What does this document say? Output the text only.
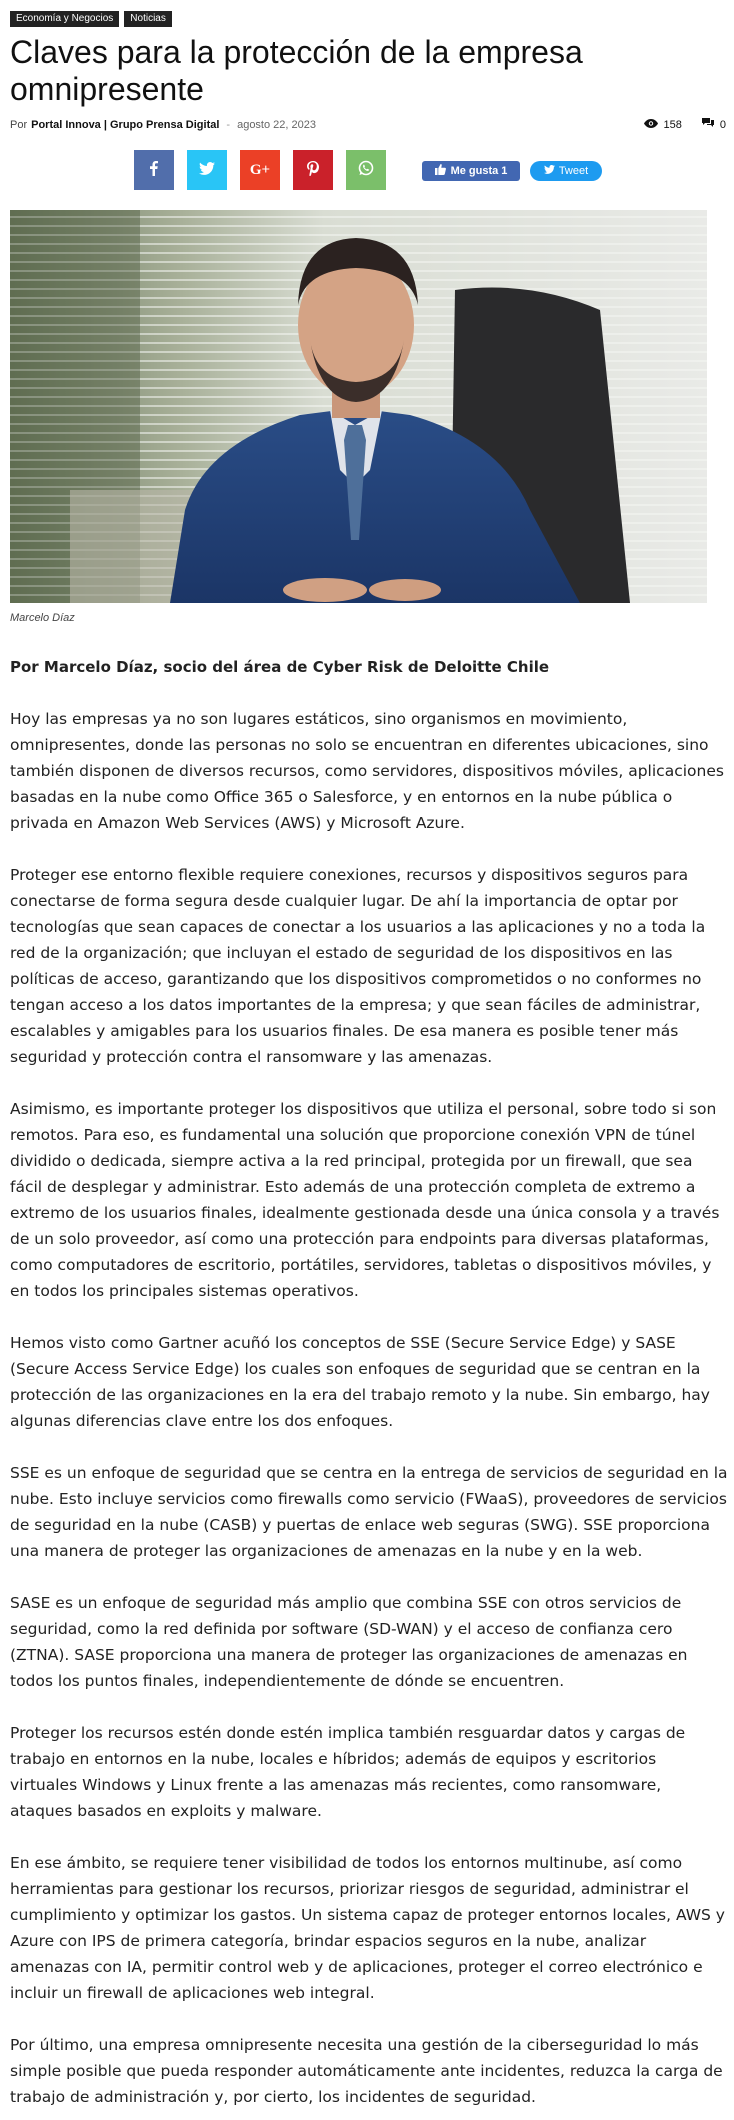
Economía y Negocios	Noticias
Claves para la protección de la empresa omnipresente
Por Portal Innova | Grupo Prensa Digital - agosto 22, 2023	158	0
G+	Me gusta 1	Tweet
Marcelo Díaz

Por Marcelo Díaz, socio del área de Cyber Risk de Deloitte Chile

Hoy las empresas ya no son lugares estáticos, sino organismos en movimiento, omnipresentes, donde las personas no solo se encuentran en diferentes ubicaciones, sino también disponen de diversos recursos, como servidores, dispositivos móviles, aplicaciones basadas en la nube como Office 365 o Salesforce, y en entornos en la nube pública o privada en Amazon Web Services (AWS) y Microsoft Azure.

Proteger ese entorno flexible requiere conexiones, recursos y dispositivos seguros para conectarse de forma segura desde cualquier lugar. De ahí la importancia de optar por tecnologías que sean capaces de conectar a los usuarios a las aplicaciones y no a toda la red de la organización; que incluyan el estado de seguridad de los dispositivos en las políticas de acceso, garantizando que los dispositivos comprometidos o no conformes no tengan acceso a los datos importantes de la empresa; y que sean fáciles de administrar, escalables y amigables para los usuarios finales. De esa manera es posible tener más seguridad y protección contra el ransomware y las amenazas.

Asimismo, es importante proteger los dispositivos que utiliza el personal, sobre todo si son remotos. Para eso, es fundamental una solución que proporcione conexión VPN de túnel dividido o dedicada, siempre activa a la red principal, protegida por un firewall, que sea fácil de desplegar y administrar. Esto además de una protección completa de extremo a extremo de los usuarios finales, idealmente gestionada desde una única consola y a través de un solo proveedor, así como una protección para endpoints para diversas plataformas, como computadores de escritorio, portátiles, servidores, tabletas o dispositivos móviles, y en todos los principales sistemas operativos.

Hemos visto como Gartner acuñó los conceptos de SSE (Secure Service Edge) y SASE (Secure Access Service Edge) los cuales son enfoques de seguridad que se centran en la protección de las organizaciones en la era del trabajo remoto y la nube. Sin embargo, hay algunas diferencias clave entre los dos enfoques.

SSE es un enfoque de seguridad que se centra en la entrega de servicios de seguridad en la nube. Esto incluye servicios como firewalls como servicio (FWaaS), proveedores de servicios de seguridad en la nube (CASB) y puertas de enlace web seguras (SWG). SSE proporciona una manera de proteger las organizaciones de amenazas en la nube y en la web.

SASE es un enfoque de seguridad más amplio que combina SSE con otros servicios de seguridad, como la red definida por software (SD-WAN) y el acceso de confianza cero (ZTNA). SASE proporciona una manera de proteger las organizaciones de amenazas en todos los puntos finales, independientemente de dónde se encuentren.

Proteger los recursos estén donde estén implica también resguardar datos y cargas de trabajo en entornos en la nube, locales e híbridos; además de equipos y escritorios virtuales Windows y Linux frente a las amenazas más recientes, como ransomware, ataques basados en exploits y malware.

En ese ámbito, se requiere tener visibilidad de todos los entornos multinube, así como herramientas para gestionar los recursos, priorizar riesgos de seguridad, administrar el cumplimiento y optimizar los gastos. Un sistema capaz de proteger entornos locales, AWS y Azure con IPS de primera categoría, brindar espacios seguros en la nube, analizar amenazas con IA, permitir control web y de aplicaciones, proteger el correo electrónico e incluir un firewall de aplicaciones web integral.

Por último, una empresa omnipresente necesita una gestión de la ciberseguridad lo más simple posible que pueda responder automáticamente ante incidentes, reduzca la carga de trabajo de administración y, por cierto, los incidentes de seguridad.
